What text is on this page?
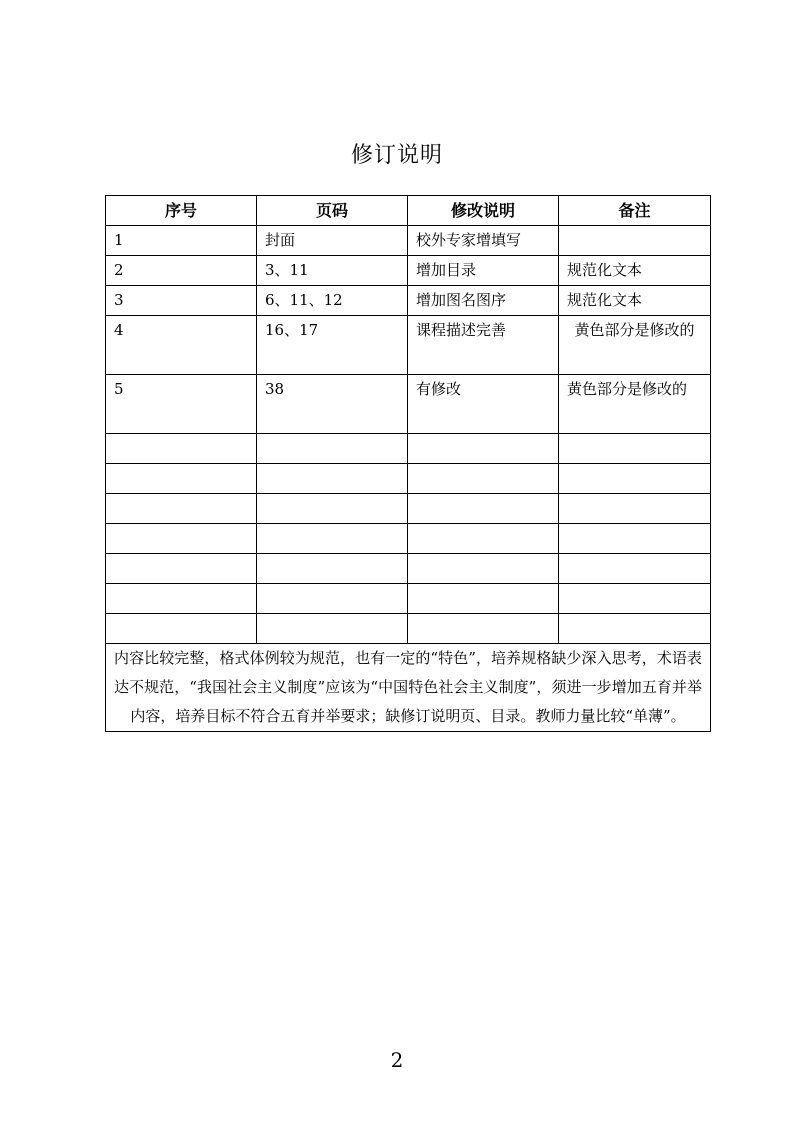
修订说明
序号	页码	修改说明	备注
1	封面	校外专家增填写	
2	3、11	增加目录	规范化文本
3	6、11、12	增加图名图序	规范化文本
4	16、17	课程描述完善	黄色部分是修改的
5	38	有修改	黄色部分是修改的

内容比较完整，格式体例较为规范，也有一定的“特色”，培养规格缺少深入思考，术语表达不规范，“我国社会主义制度”应该为“中国特色社会主义制度”，须进一步增加五育并举内容，培养目标不符合五育并举要求；缺修订说明页、目录。教师力量比较“单薄”。			
2
